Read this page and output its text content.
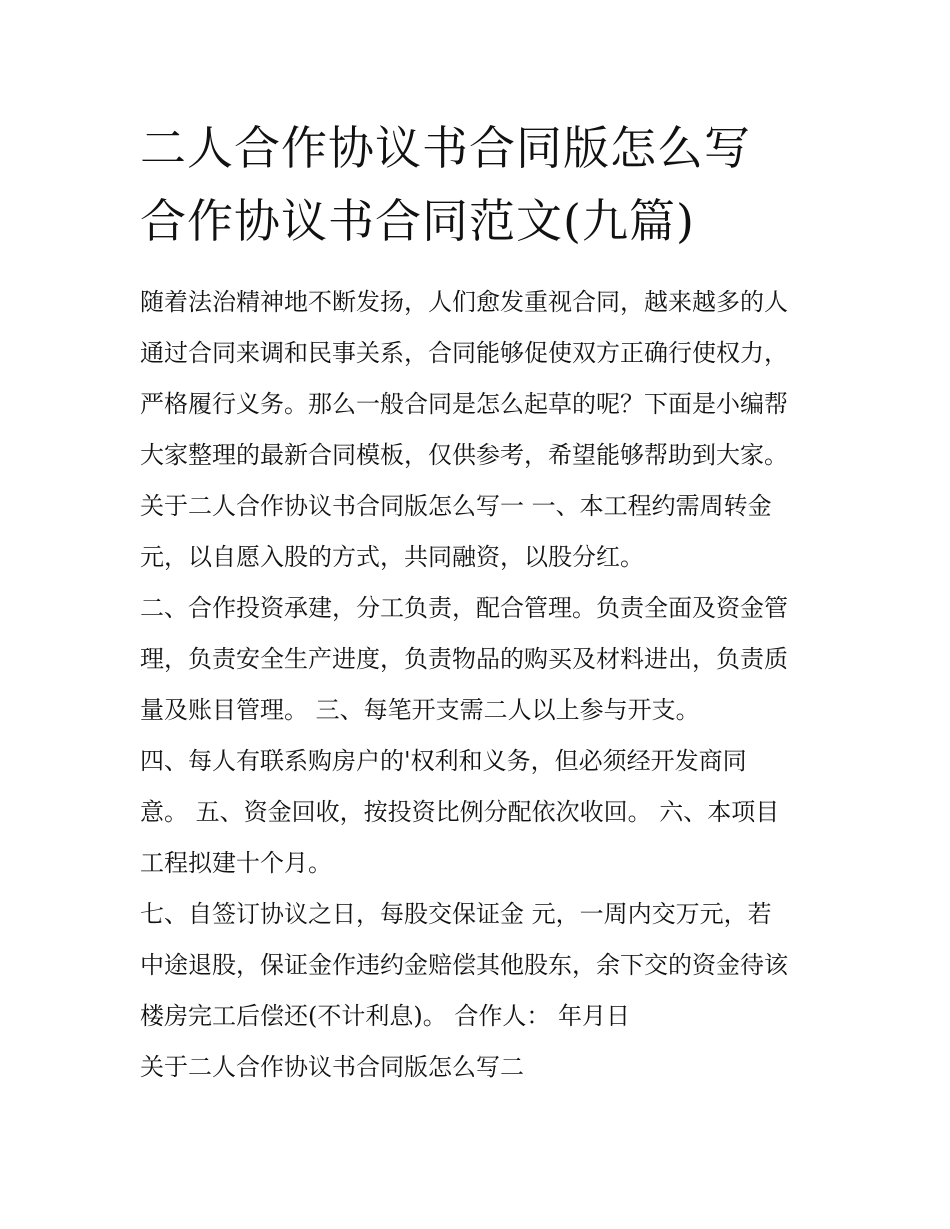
二人合作协议书合同版怎么写
合作协议书合同范文(九篇)
随着法治精神地不断发扬，人们愈发重视合同，越来越多的人
通过合同来调和民事关系，合同能够促使双方正确行使权力，
严格履行义务。那么一般合同是怎么起草的呢？下面是小编帮
大家整理的最新合同模板，仅供参考，希望能够帮助到大家。
关于二人合作协议书合同版怎么写一 一、本工程约需周转金
元，以自愿入股的方式，共同融资，以股分红。
二、合作投资承建，分工负责，配合管理。负责全面及资金管
理，负责安全生产进度，负责物品的购买及材料进出，负责质
量及账目管理。 三、每笔开支需二人以上参与开支。
四、每人有联系购房户的'权利和义务，但必须经开发商同
意。 五、资金回收，按投资比例分配依次收回。 六、本项目
工程拟建十个月。
七、自签订协议之日，每股交保证金 元，一周内交万元，若
中途退股，保证金作违约金赔偿其他股东，余下交的资金待该
楼房完工后偿还(不计利息)。 合作人： 年月日
关于二人合作协议书合同版怎么写二
